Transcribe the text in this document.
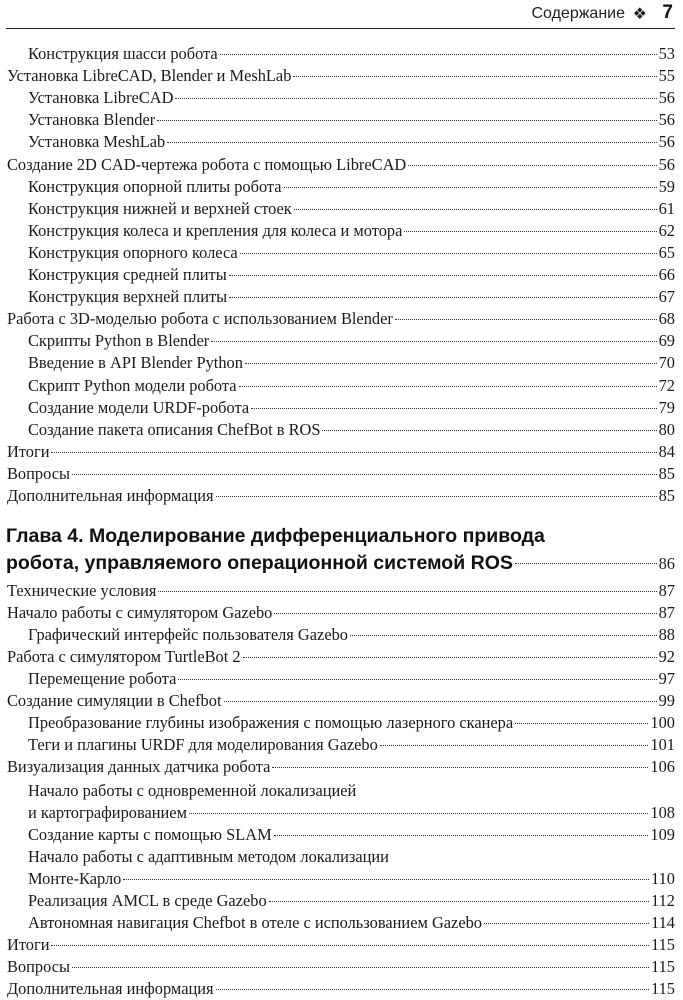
Содержание ❖ 7
Конструкция шасси робота	53
Установка LibreCAD, Blender и MeshLab	55
Установка LibreCAD	56
Установка Blender	56
Установка MeshLab	56
Создание 2D CAD-чертежа робота с помощью LibreCAD	56
Конструкция опорной плиты робота	59
Конструкция нижней и верхней стоек	61
Конструкция колеса и крепления для колеса и мотора	62
Конструкция опорного колеса	65
Конструкция средней плиты	66
Конструкция верхней плиты	67
Работа с 3D-моделью робота с использованием Blender	68
Скрипты Python в Blender	69
Введение в API Blender Python	70
Скрипт Python модели робота	72
Создание модели URDF-робота	79
Создание пакета описания ChefBot в ROS	80
Итоги	84
Вопросы	85
Дополнительная информация	85
Глава 4. Моделирование дифференциального привода
робота, управляемого операционной системой ROS	86
Технические условия	87
Начало работы с симулятором Gazebo	87
Графический интерфейс пользователя Gazebo	88
Работа с симулятором TurtleBot 2	92
Перемещение робота	97
Создание симуляции в Chefbot	99
Преобразование глубины изображения с помощью лазерного сканера	100
Теги и плагины URDF для моделирования Gazebo	101
Визуализация данных датчика робота	106
Начало работы с одновременной локализацией
и картографированием	108
Создание карты с помощью SLAM	109
Начало работы с адаптивным методом локализации
Монте-Карло	110
Реализация AMCL в среде Gazebo	112
Автономная навигация Chefbot в отеле с использованием Gazebo	114
Итоги	115
Вопросы	115
Дополнительная информация	115
